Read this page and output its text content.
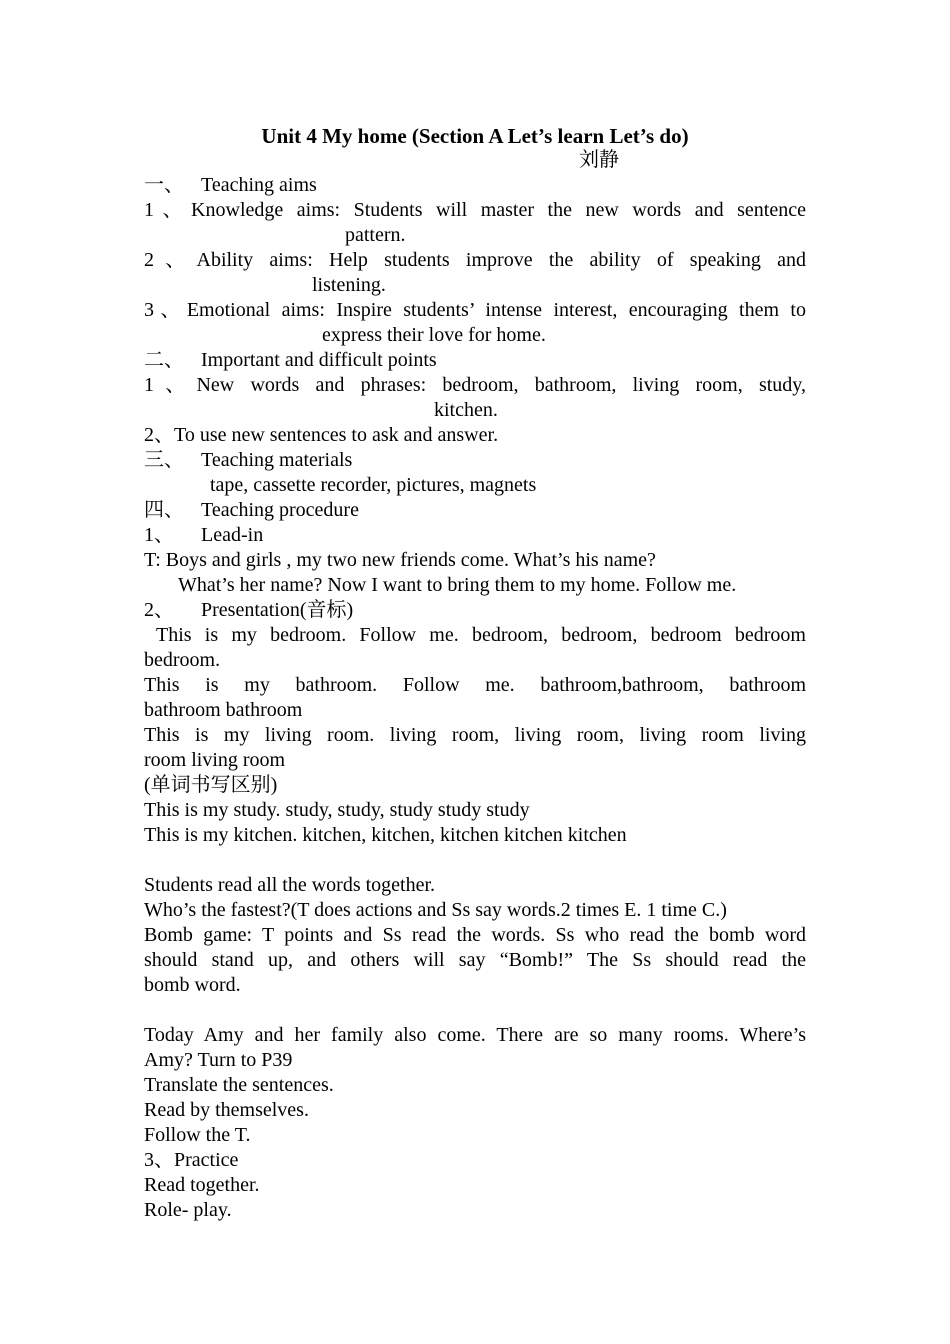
Unit 4 My home (Section A Let’s learn Let’s do)
刘静
一、 Teaching aims
1、Knowledge aims: Students will master the new words and sentence
pattern.
2、Ability aims: Help students improve the ability of speaking and
listening.
3、Emotional aims: Inspire students’ intense interest, encouraging them to
express their love for home.
二、 Important and difficult points
1、New words and phrases: bedroom, bathroom, living room, study,
kitchen.
2、To use new sentences to ask and answer.
三、 Teaching materials
tape, cassette recorder, pictures, magnets
四、 Teaching procedure
1、 Lead-in
T: Boys and girls , my two new friends come. What’s his name?
What’s her name? Now I want to bring them to my home. Follow me.
2、 Presentation(音标)
This is my bedroom. Follow me. bedroom, bedroom, bedroom bedroom
bedroom.
This is my bathroom. Follow me. bathroom,bathroom, bathroom
bathroom bathroom
This is my living room. living room, living room, living room living
room living room
(单词书写区别)
This is my study. study, study, study study study
This is my kitchen. kitchen, kitchen, kitchen kitchen kitchen
Students read all the words together.
Who’s the fastest?(T does actions and Ss say words.2 times E. 1 time C.)
Bomb game: T points and Ss read the words. Ss who read the bomb word
should stand up, and others will say “Bomb!” The Ss should read the
bomb word.
Today Amy and her family also come. There are so many rooms. Where’s
Amy? Turn to P39
Translate the sentences.
Read by themselves.
Follow the T.
3、Practice
Read together.
Role- play.
